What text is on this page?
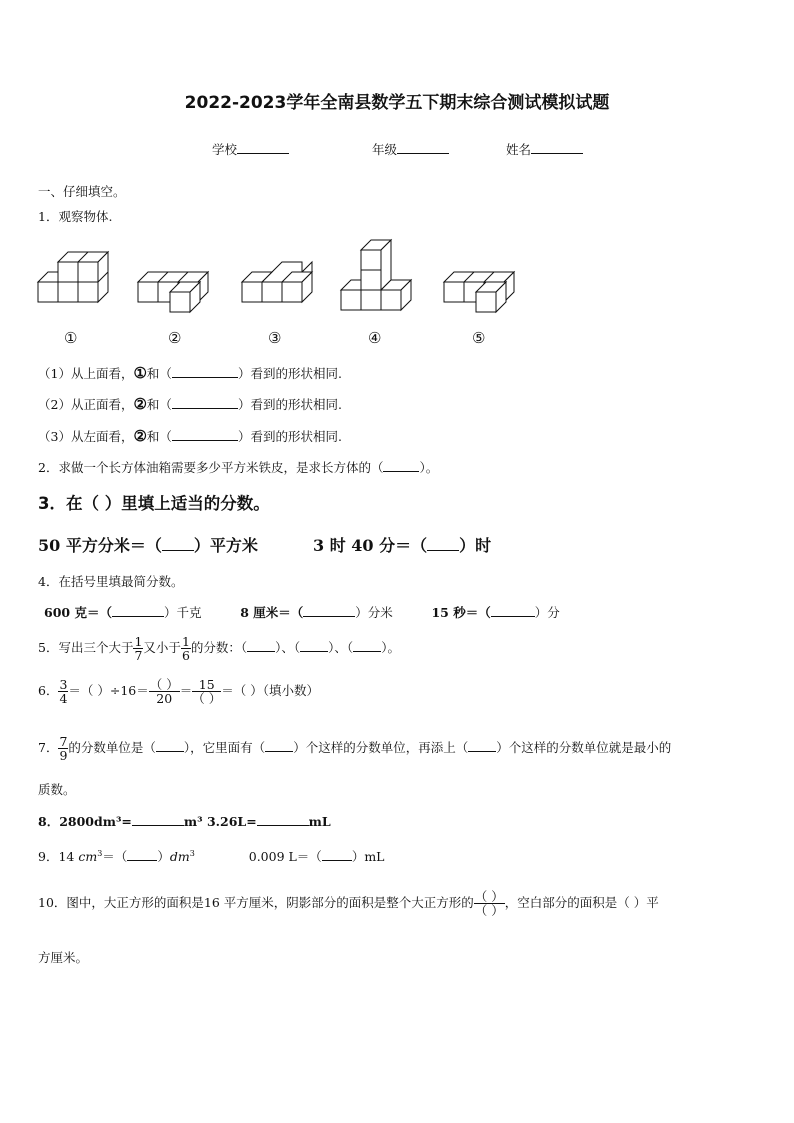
2022-2023学年全南县数学五下期末综合测试模拟试题
学校	年级	姓名
一、仔细填空。
1．观察物体.
①	②	③	④	⑤
（1）从上面看，①和（	）看到的形状相同.
（2）从正面看，②和（	）看到的形状相同.
（3）从左面看，②和（	）看到的形状相同.
2．求做一个长方体油箱需要多少平方米铁皮，是求长方体的（	）。
3．在（ ）里填上适当的分数。
50 平方分米＝（ ）平方米	3 时 40 分＝（ ）时
4．在括号里填最简分数。
600 克＝（	）千克	8 厘米＝（	）分米	15 秒＝（	）分
5．写出三个大于 $\frac{1}{7}$ 又小于 $\frac{1}{6}$ 的分数：（ ）、（ ）、（ ）。
6． $\frac{3}{4}$ ＝（ ）$\div 16= \frac{( )}{20} = \frac{15}{( )}$ ＝（ ）（填小数）
7． $\frac{7}{9}$ 的分数单位是（ ），它里面有（ ）个这样的分数单位，再添上（ ）个这样的分数单位就是最小的
质数。
8．2800dm³=	m³ 3.26L=	mL
9．14 $cm^3=$（ ）$dm^3$	0.009 L＝（ ）mL
10．图中，大正方形的面积是16 平方厘米，阴影部分的面积是整个大正方形的 $\frac{( )}{( )}$ ，空白部分的面积是（ ）平
方厘米。
